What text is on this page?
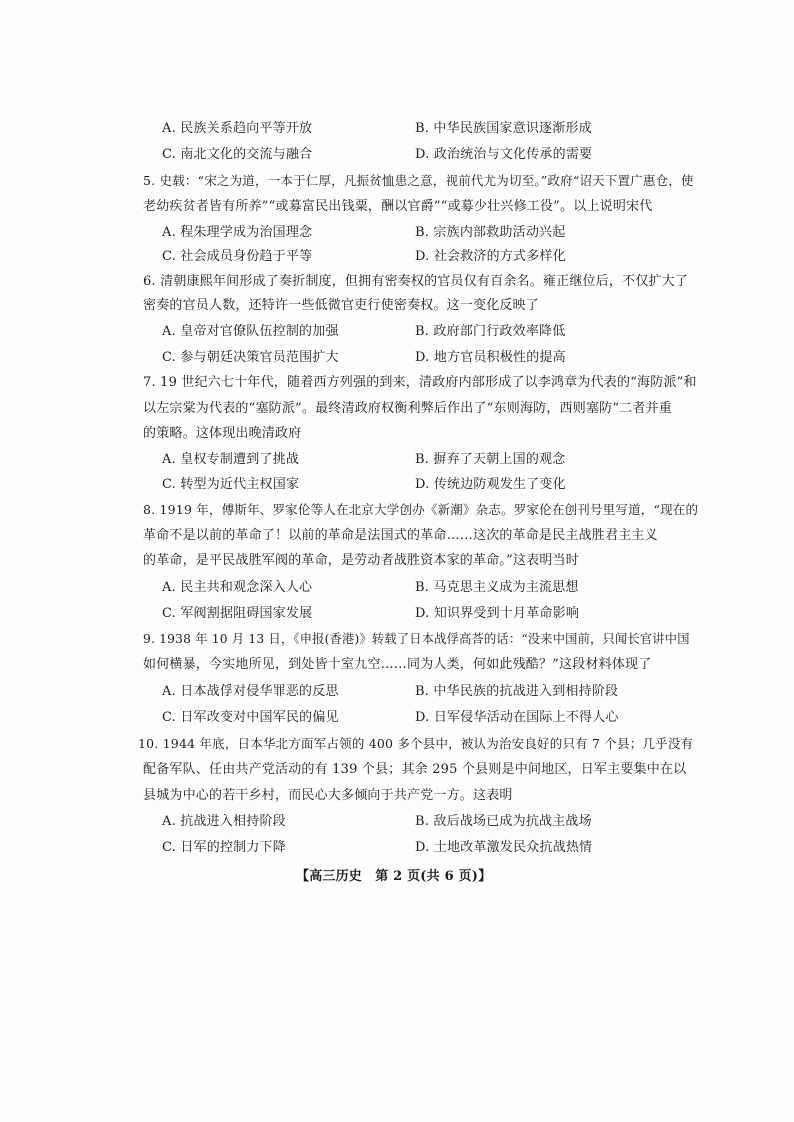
A. 民族关系趋向平等开放	B. 中华民族国家意识逐渐形成
C. 南北文化的交流与融合	D. 政治统治与文化传承的需要
5. 史载：“宋之为道，一本于仁厚，凡振贫恤患之意，视前代尤为切至。”政府“诏天下置广惠仓，使
老幼疾贫者皆有所养”“或募富民出钱粟，酬以官爵”“或募少壮兴修工役”。以上说明宋代
A. 程朱理学成为治国理念	B. 宗族内部救助活动兴起
C. 社会成员身份趋于平等	D. 社会救济的方式多样化
6. 清朝康熙年间形成了奏折制度，但拥有密奏权的官员仅有百余名。雍正继位后，不仅扩大了
密奏的官员人数，还特许一些低微官吏行使密奏权。这一变化反映了
A. 皇帝对官僚队伍控制的加强	B. 政府部门行政效率降低
C. 参与朝廷决策官员范围扩大	D. 地方官员积极性的提高
7. 19 世纪六七十年代，随着西方列强的到来，清政府内部形成了以李鸿章为代表的“海防派”和
以左宗棠为代表的“塞防派”。最终清政府权衡利弊后作出了“东则海防，西则塞防”二者并重
的策略。这体现出晚清政府
A. 皇权专制遭到了挑战	B. 摒弃了天朝上国的观念
C. 转型为近代主权国家	D. 传统边防观发生了变化
8. 1919 年，傅斯年、罗家伦等人在北京大学创办《新潮》杂志。罗家伦在创刊号里写道，“现在的
革命不是以前的革命了！以前的革命是法国式的革命……这次的革命是民主战胜君主主义
的革命，是平民战胜军阀的革命，是劳动者战胜资本家的革命。”这表明当时
A. 民主共和观念深入人心	B. 马克思主义成为主流思想
C. 军阀割据阻碍国家发展	D. 知识界受到十月革命影响
9. 1938 年 10 月 13 日，《申报(香港)》转载了日本战俘高荅的话：“没来中国前，只闻长官讲中国
如何横暴，今实地所见，到处皆十室九空……同为人类，何如此残酷？”这段材料体现了
A. 日本战俘对侵华罪恶的反思	B. 中华民族的抗战进入到相持阶段
C. 日军改变对中国军民的偏见	D. 日军侵华活动在国际上不得人心
10. 1944 年底，日本华北方面军占领的 400 多个县中，被认为治安良好的只有 7 个县；几乎没有
配备军队、任由共产党活动的有 139 个县；其余 295 个县则是中间地区，日军主要集中在以
县城为中心的若干乡村，而民心大多倾向于共产党一方。这表明
A. 抗战进入相持阶段	B. 敌后战场已成为抗战主战场
C. 日军的控制力下降	D. 土地改革激发民众抗战热情
【高三历史　第 2 页(共 6 页)】
